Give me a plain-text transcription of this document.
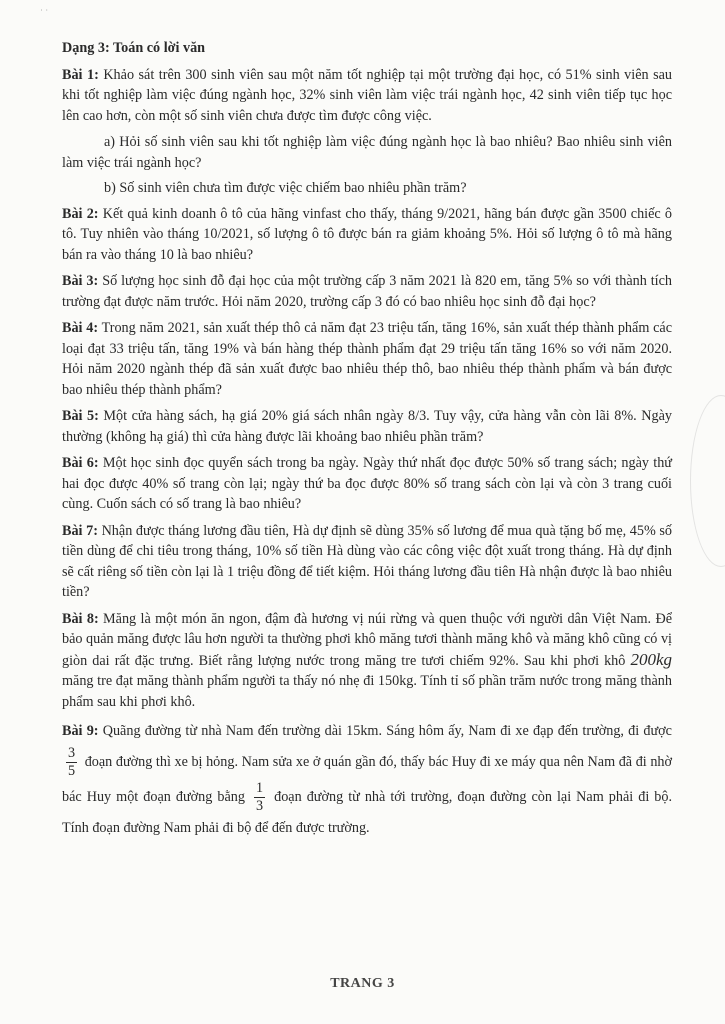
˙ ˙
Dạng 3: Toán có lời văn

Bài 1: Khảo sát trên 300 sinh viên sau một năm tốt nghiệp tại một trường đại học, có 51% sinh viên sau khi tốt nghiệp làm việc đúng ngành học, 32% sinh viên làm việc trái ngành học, 42 sinh viên tiếp tục học lên cao hơn, còn một số sinh viên chưa được tìm được công việc.

a) Hỏi số sinh viên sau khi tốt nghiệp làm việc đúng ngành học là bao nhiêu? Bao nhiêu sinh viên làm việc trái ngành học?

b) Số sinh viên chưa tìm được việc chiếm bao nhiêu phần trăm?

Bài 2: Kết quả kinh doanh ô tô của hãng vinfast cho thấy, tháng 9/2021, hãng bán được gần 3500 chiếc ô tô. Tuy nhiên vào tháng 10/2021, số lượng ô tô được bán ra giảm khoảng 5%. Hỏi số lượng ô tô mà hãng bán ra vào tháng 10 là bao nhiêu?

Bài 3: Số lượng học sinh đỗ đại học của một trường cấp 3 năm 2021 là 820 em, tăng 5% so với thành tích trường đạt được năm trước. Hỏi năm 2020, trường cấp 3 đó có bao nhiêu học sinh đỗ đại học?

Bài 4: Trong năm 2021, sản xuất thép thô cả năm đạt 23 triệu tấn, tăng 16%, sản xuất thép thành phẩm các loại đạt 33 triệu tấn, tăng 19% và bán hàng thép thành phẩm đạt 29 triệu tấn tăng 16% so với năm 2020. Hỏi năm 2020 ngành thép đã sản xuất được bao nhiêu thép thô, bao nhiêu thép thành phẩm và bán được bao nhiêu thép thành phẩm?

Bài 5: Một cửa hàng sách, hạ giá 20% giá sách nhân ngày 8/3. Tuy vậy, cửa hàng vẫn còn lãi 8%. Ngày thường (không hạ giá) thì cửa hàng được lãi khoảng bao nhiêu phần trăm?

Bài 6: Một học sinh đọc quyển sách trong ba ngày. Ngày thứ nhất đọc được 50% số trang sách; ngày thứ hai đọc được 40% số trang còn lại; ngày thứ ba đọc được 80% số trang sách còn lại và còn 3 trang cuối cùng. Cuốn sách có số trang là bao nhiêu?

Bài 7: Nhận được tháng lương đầu tiên, Hà dự định sẽ dùng 35% số lương để mua quà tặng bố mẹ, 45% số tiền dùng để chi tiêu trong tháng, 10% số tiền Hà dùng vào các công việc đột xuất trong tháng. Hà dự định sẽ cất riêng số tiền còn lại là 1 triệu đồng để tiết kiệm. Hỏi tháng lương đầu tiên Hà nhận được là bao nhiêu tiền?

Bài 8: Măng là một món ăn ngon, đậm đà hương vị núi rừng và quen thuộc với người dân Việt Nam. Để bảo quản măng được lâu hơn người ta thường phơi khô măng tươi thành măng khô và măng khô cũng có vị giòn dai rất đặc trưng. Biết rằng lượng nước trong măng tre tươi chiếm 92%. Sau khi phơi khô 200kg măng tre đạt măng thành phẩm người ta thấy nó nhẹ đi 150kg. Tính tỉ số phần trăm nước trong măng thành phẩm sau khi phơi khô.

Bài 9: Quãng đường từ nhà Nam đến trường dài 15km. Sáng hôm ấy, Nam đi xe đạp đến trường, đi được
$\frac{3}{5}$ đoạn đường thì xe bị hỏng. Nam sửa xe ở quán gần đó, thấy bác Huy đi xe máy qua nên Nam đã đi nhờ bác Huy một đoạn đường bằng $\frac{1}{3}$ đoạn đường từ nhà tới trường, đoạn đường còn lại Nam phải đi bộ. Tính đoạn đường Nam phải đi bộ để đến được trường.

TRANG 3
